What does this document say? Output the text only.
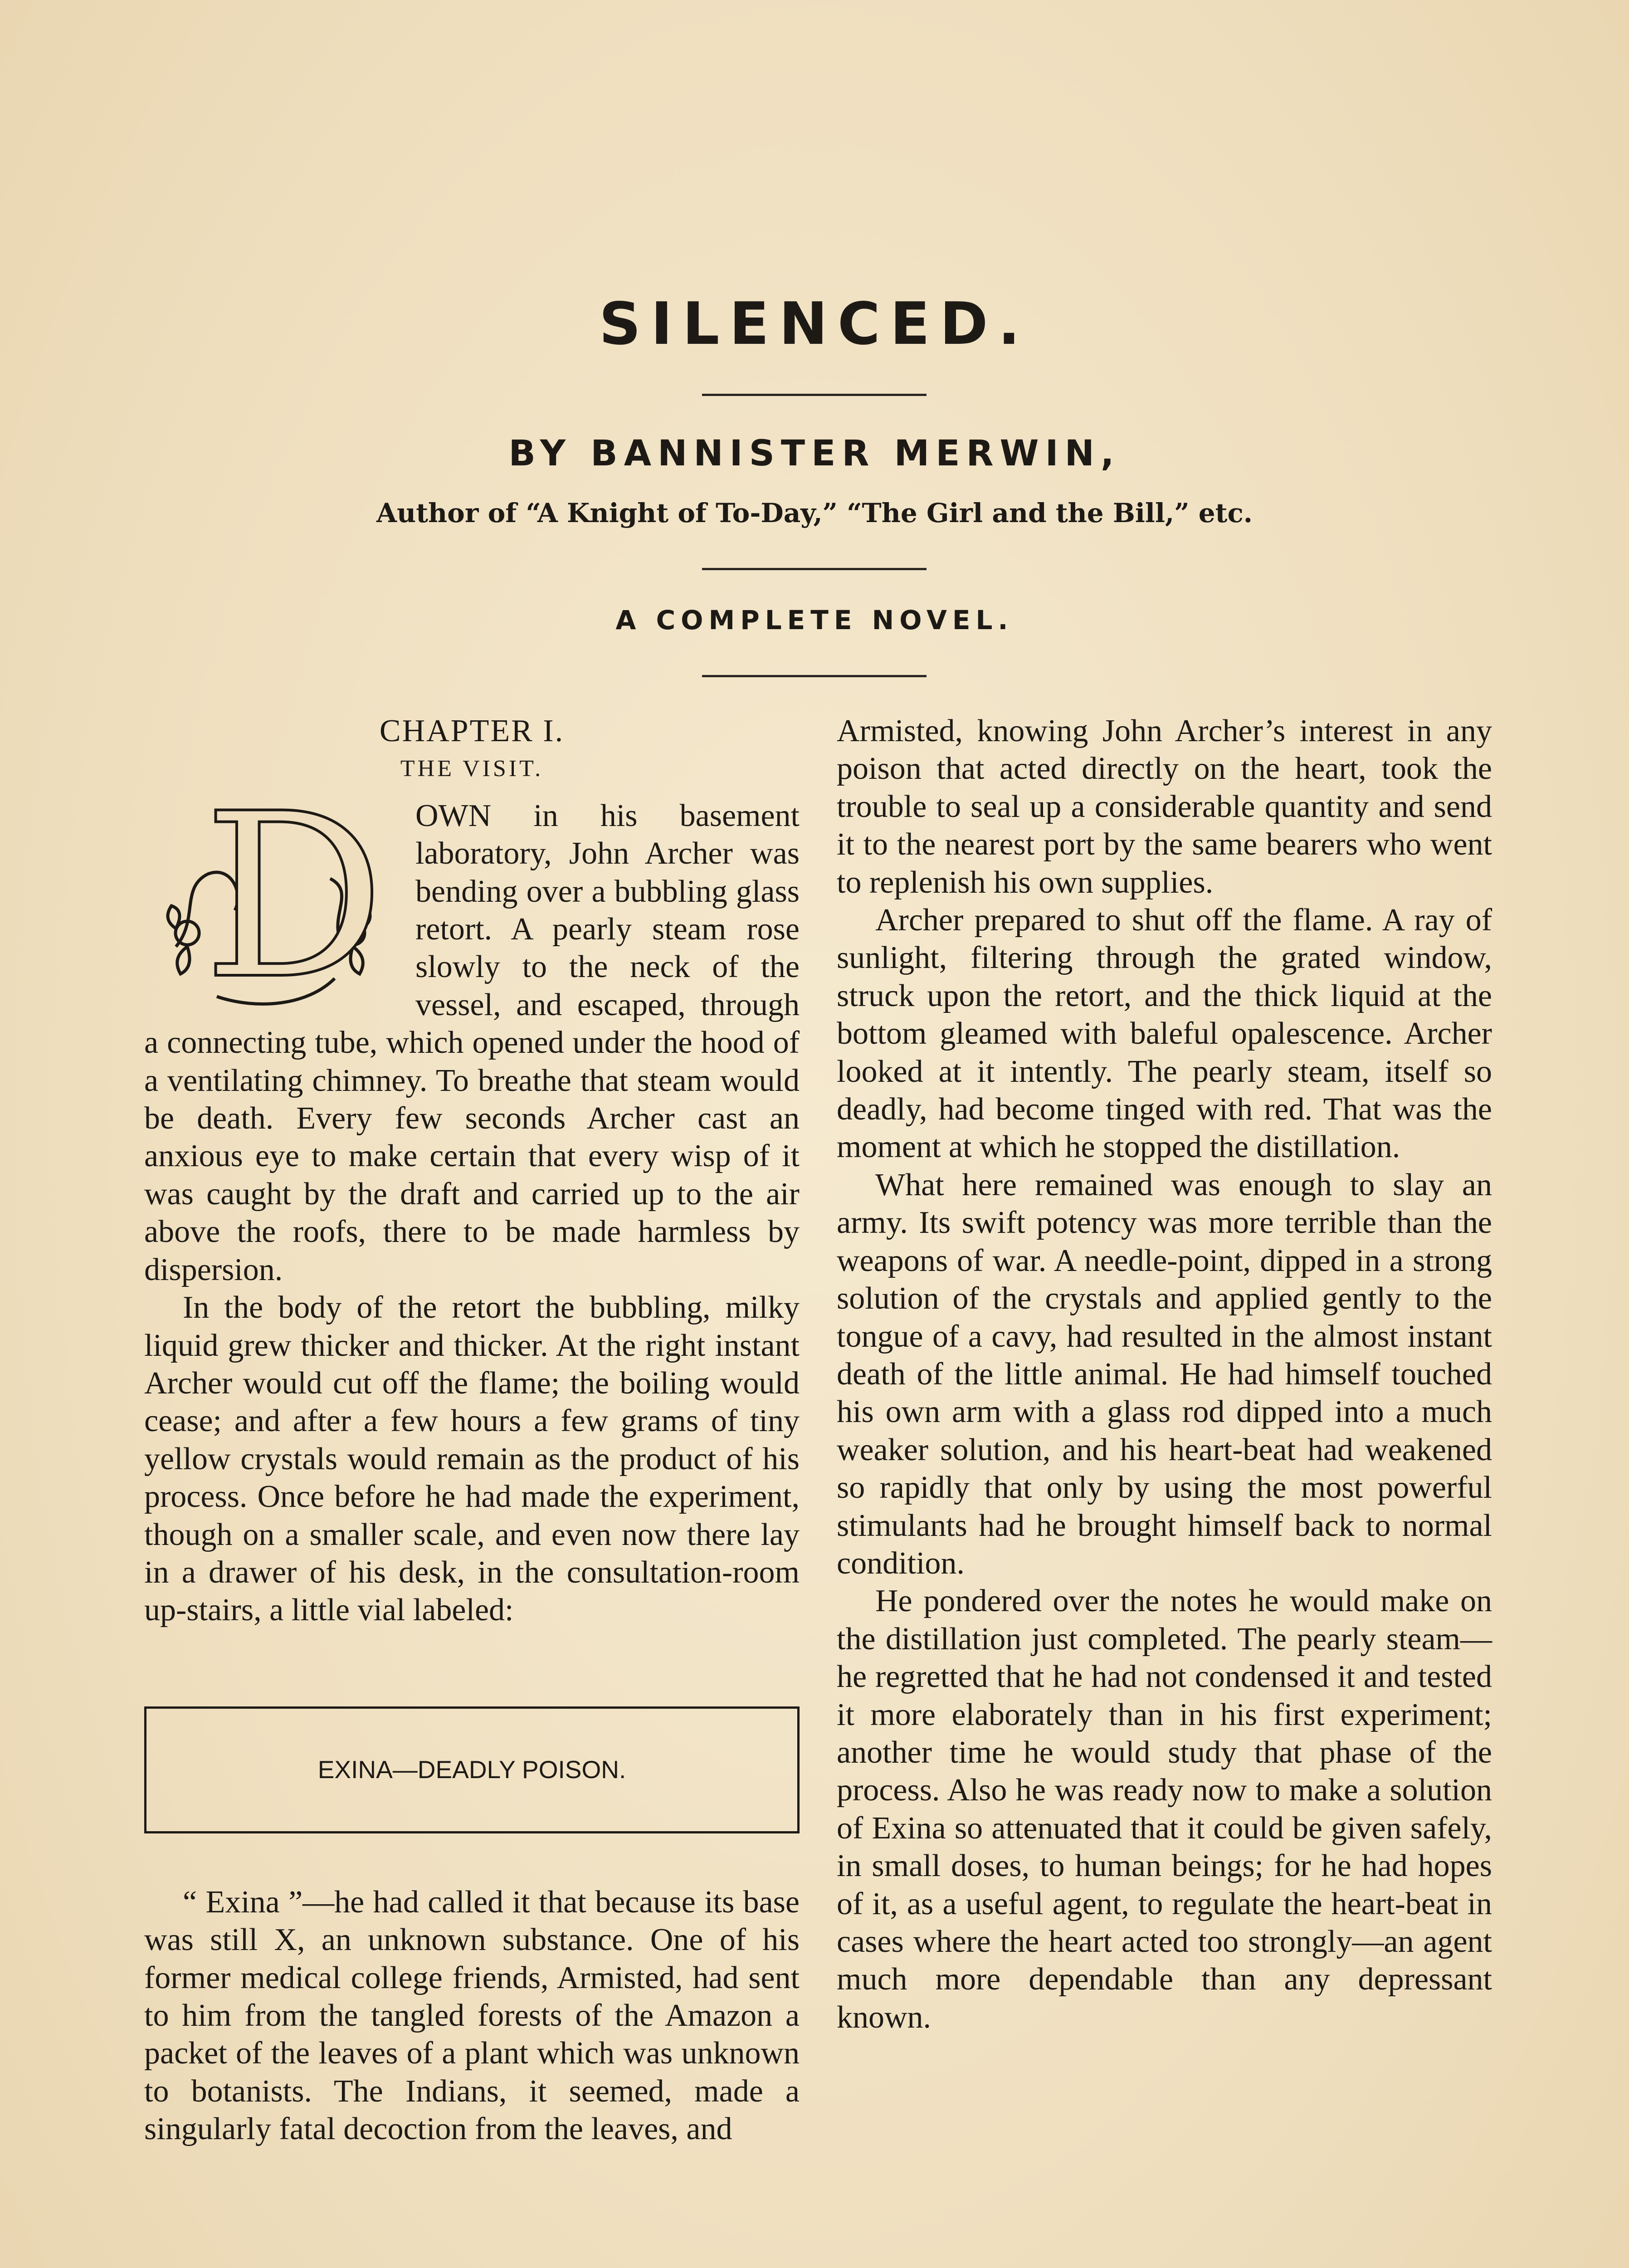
SILENCED.
BY BANNISTER MERWIN,
Author of “A Knight of To-Day,” “The Girl and the Bill,” etc.
A COMPLETE NOVEL.

CHAPTER I.

THE VISIT.

D OWN in his basement laboratory, John Archer was bending over a bubbling glass retort. A pearly steam rose slowly to the neck of the vessel, and escaped, through a connecting tube, which opened under the hood of a ventilating chimney. To breathe that steam would be death. Every few seconds Archer cast an anxious eye to make certain that every wisp of it was caught by the draft and carried up to the air above the roofs, there to be made harmless by dispersion.

In the body of the retort the bubbling, milky liquid grew thicker and thicker. At the right instant Archer would cut off the flame; the boiling would cease; and after a few hours a few grams of tiny yellow crystals would remain as the product of his process. Once before he had made the experiment, though on a smaller scale, and even now there lay in a drawer of his desk, in the consultation-room up-stairs, a little vial labeled:

EXINA—DEADLY POISON.

“ Exina ”—he had called it that because its base was still X, an unknown substance. One of his former medical college friends, Armisted, had sent to him from the tangled forests of the Amazon a packet of the leaves of a plant which was unknown to botanists. The Indians, it seemed, made a singularly fatal decoction from the leaves, and

Armisted, knowing John Archer’s interest in any poison that acted directly on the heart, took the trouble to seal up a considerable quantity and send it to the nearest port by the same bearers who went to replenish his own supplies.

Archer prepared to shut off the flame. A ray of sunlight, filtering through the grated window, struck upon the retort, and the thick liquid at the bottom gleamed with baleful opalescence. Archer looked at it intently. The pearly steam, itself so deadly, had become tinged with red. That was the moment at which he stopped the distillation.

What here remained was enough to slay an army. Its swift potency was more terrible than the weapons of war. A needle-point, dipped in a strong solution of the crystals and applied gently to the tongue of a cavy, had resulted in the almost instant death of the little animal. He had himself touched his own arm with a glass rod dipped into a much weaker solution, and his heart-beat had weakened so rapidly that only by using the most powerful stimulants had he brought himself back to normal condition.

He pondered over the notes he would make on the distillation just completed. The pearly steam—he regretted that he had not condensed it and tested it more elaborately than in his first experiment; another time he would study that phase of the process. Also he was ready now to make a solution of Exina so attenuated that it could be given safely, in small doses, to human beings; for he had hopes of it, as a useful agent, to regulate the heart-beat in cases where the heart acted too strongly—an agent much more dependable than any depressant known.
